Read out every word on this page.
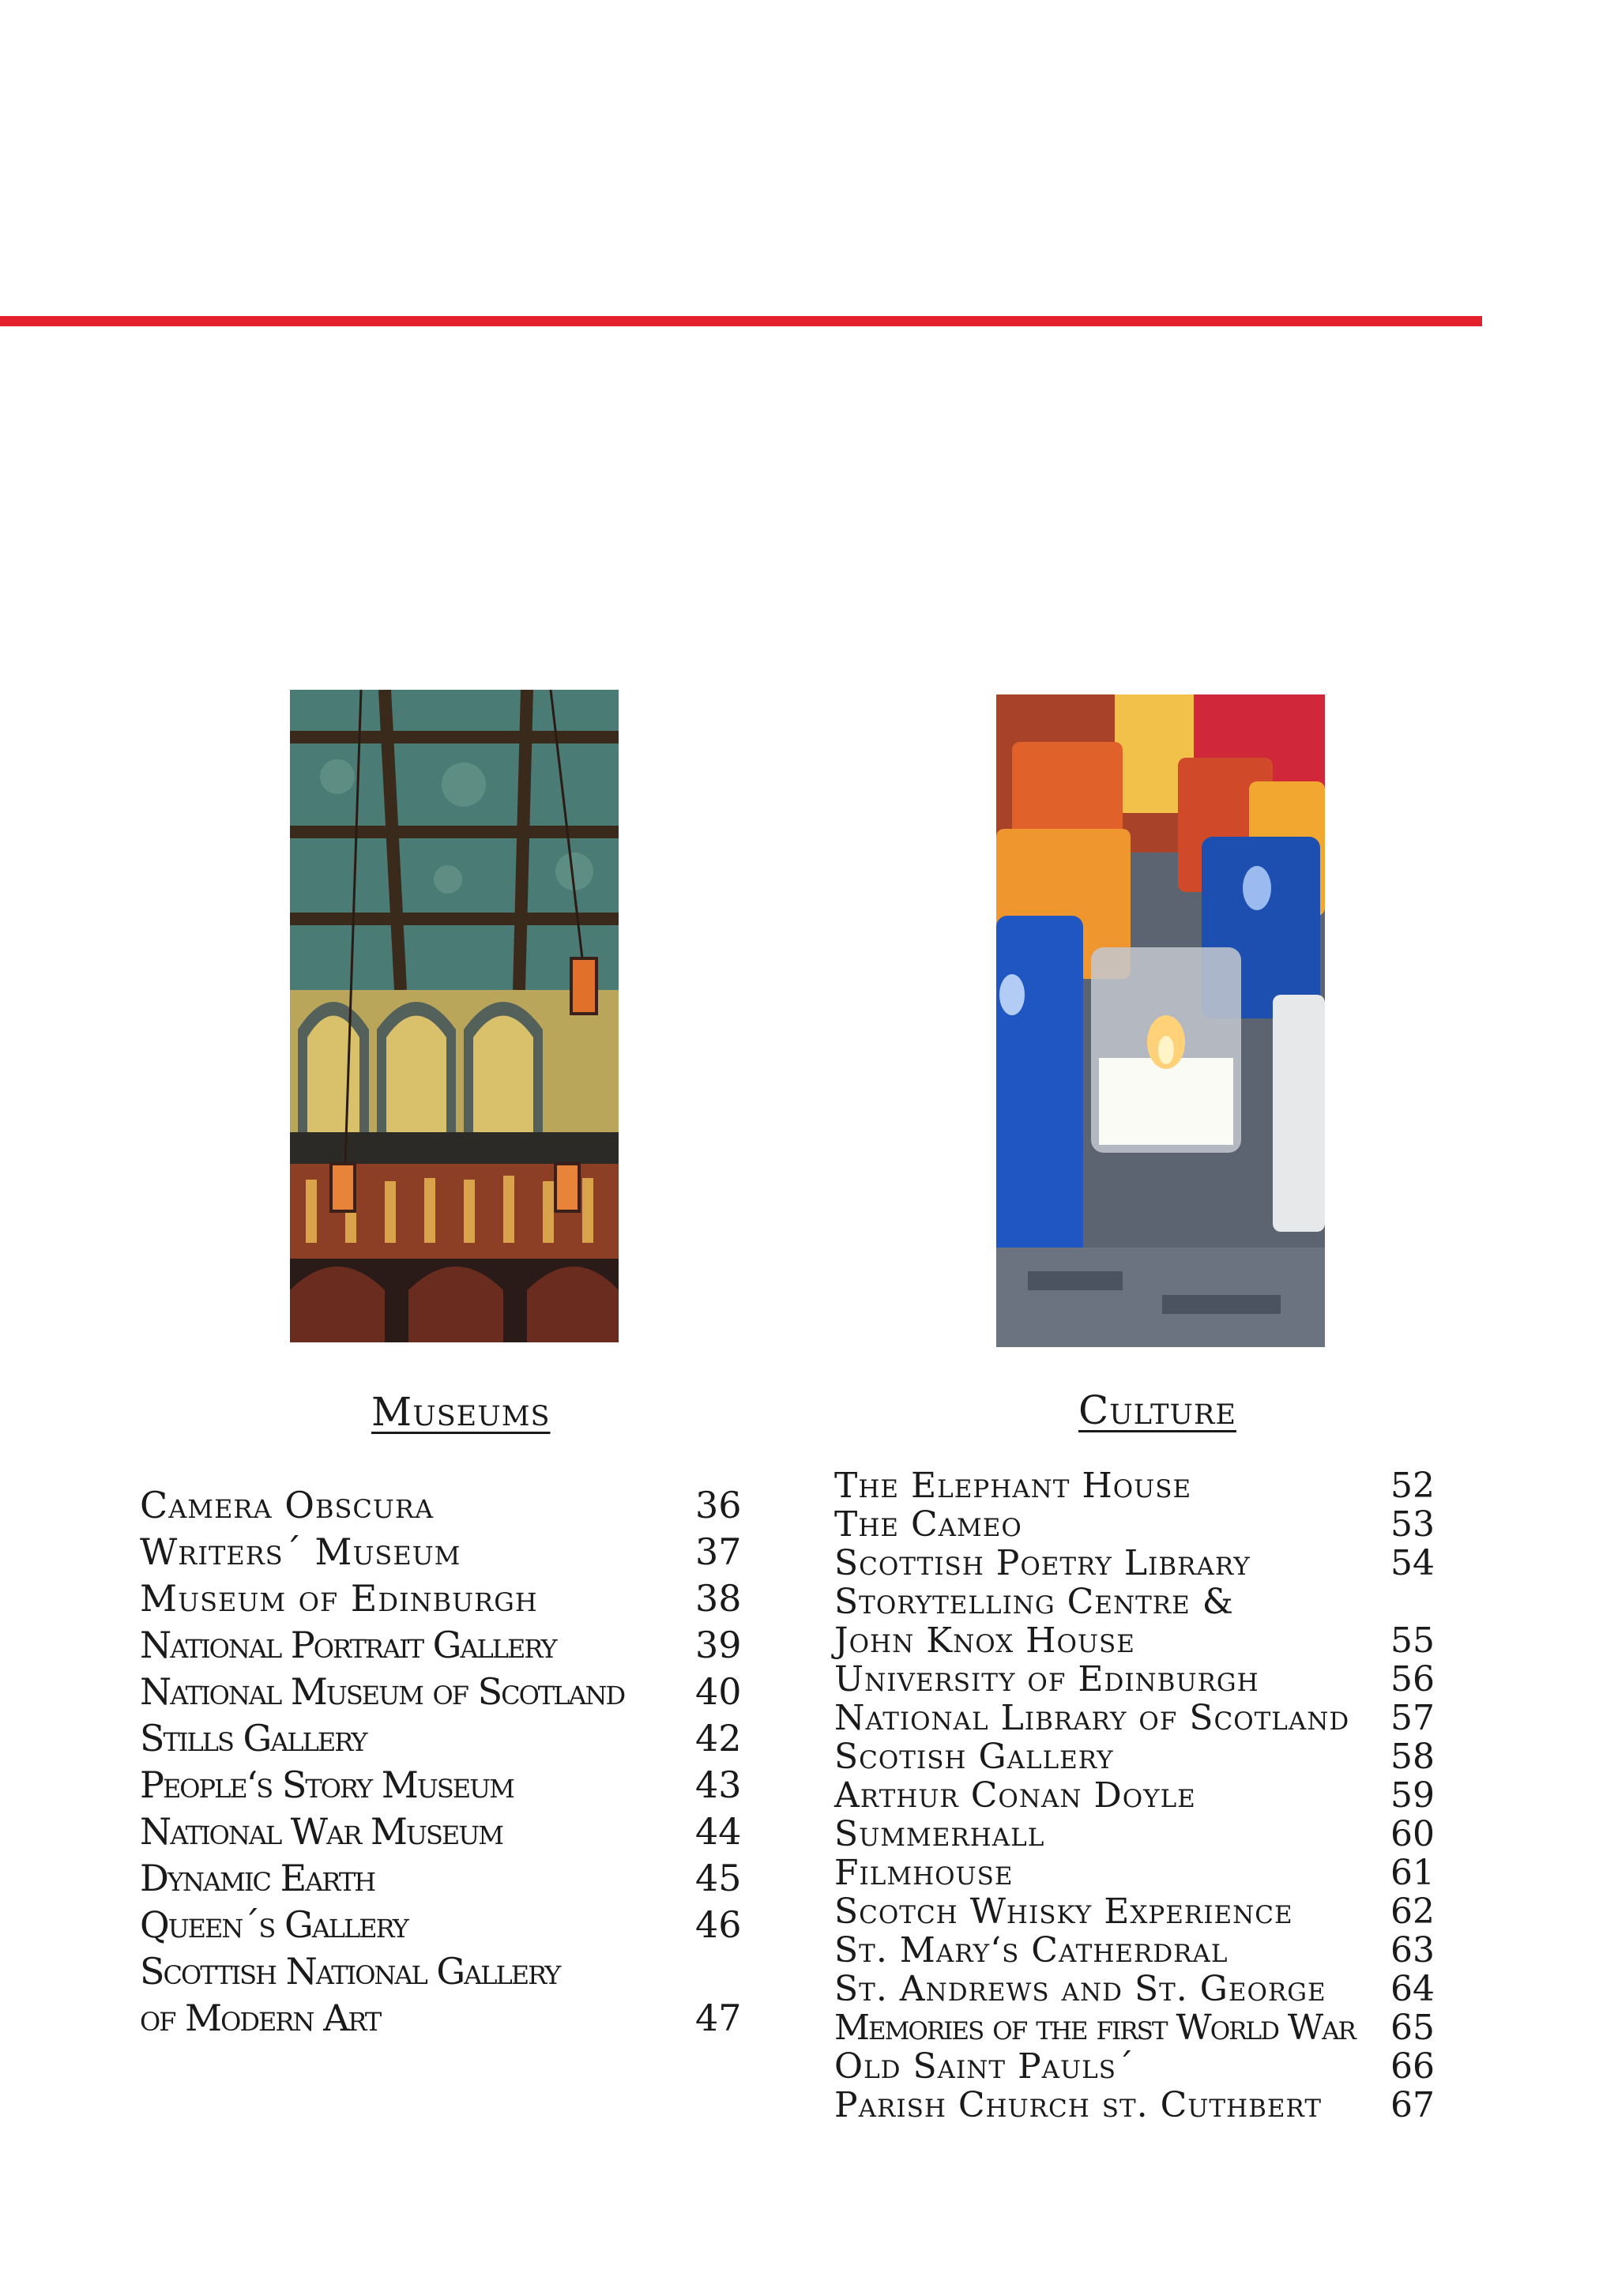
Museums	Culture
Camera Obscura	36
Writers´ Museum	37
Museum of Edinburgh	38
National Portrait Gallery	39
National Museum of Scotland 40
Stills Gallery	42
People‘s Story Museum	43
National War Museum	44
Dynamic Earth	45
Queen´s Gallery	46
Scottish National Gallery
of Modern Art	47
The Elephant House	52
The Cameo	53
Scottish Poetry Library	54
Storytelling Centre &
John Knox House	55
University of Edinburgh	56
National Library of Scotland 57
Scotish Gallery	58
Arthur Conan Doyle	59
Summerhall	60
Filmhouse	61
Scotch Whisky Experience	62
St. Mary‘s Catherdral	63
St. Andrews and St. George 64
Memories of the first World War 65
Old Saint Pauls´	66
Parish Church st. Cuthbert 67
